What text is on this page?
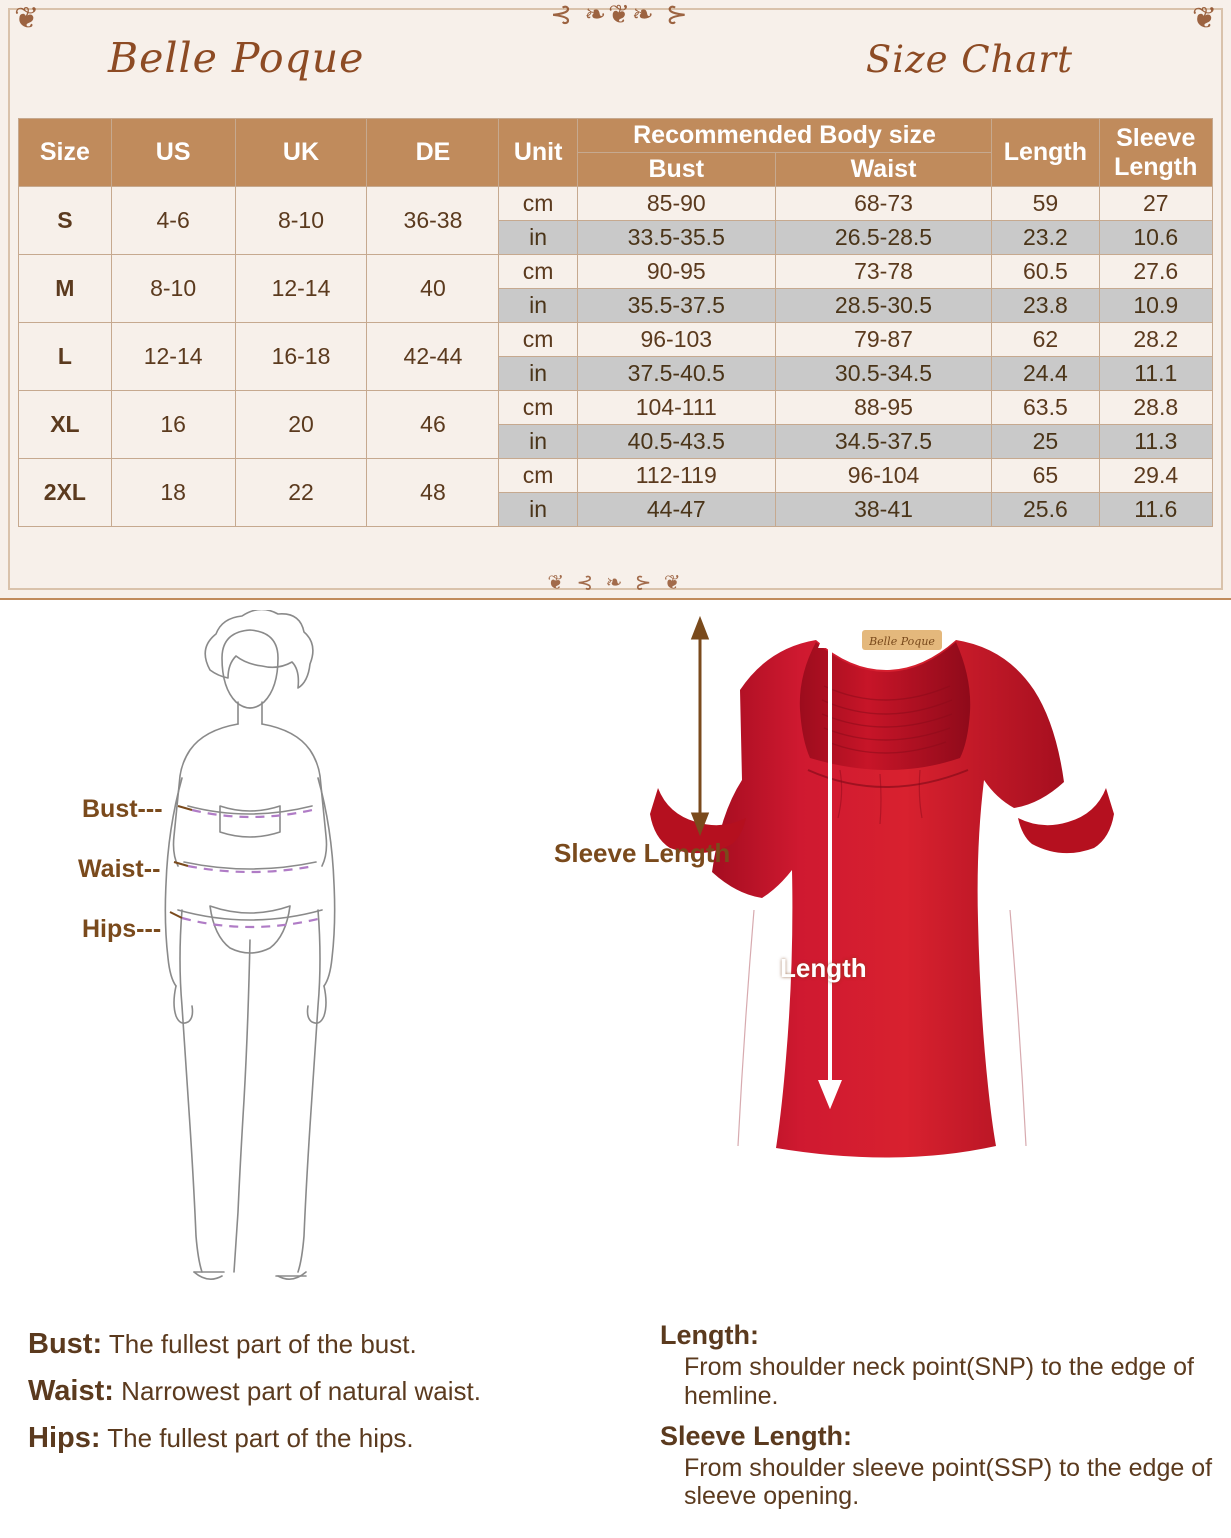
❦	❦
⊰ ❧❦❧ ⊱
Belle Poque	Size Chart
Size	US	UK	DE	Unit	Recommended Body size		Length	Sleeve Length
					Bust	Waist		
S	4-6	8-10	36-38	cm	85-90	68-73	59	27
				in	33.5-35.5	26.5-28.5	23.2	10.6
M	8-10	12-14	40	cm	90-95	73-78	60.5	27.6
				in	35.5-37.5	28.5-30.5	23.8	10.9
L	12-14	16-18	42-44	cm	96-103	79-87	62	28.2
				in	37.5-40.5	30.5-34.5	24.4	11.1
XL	16	20	46	cm	104-111	88-95	63.5	28.8
				in	40.5-43.5	34.5-37.5	25	11.3
2XL	18	22	48	cm	112-119	96-104	65	29.4
				in	44-47	38-41	25.6	11.6
❦ ⊰ ❧ ⊱ ❦
Bust---
Waist--
Hips---
Sleeve Length
Length
Belle Poque
Bust: The fullest part of the bust.
Waist: Narrowest part of natural waist.
Hips: The fullest part of the hips.
Length:
From shoulder neck point(SNP) to the edge of hemline.
Sleeve Length:
From shoulder sleeve point(SSP) to the edge of sleeve opening.
